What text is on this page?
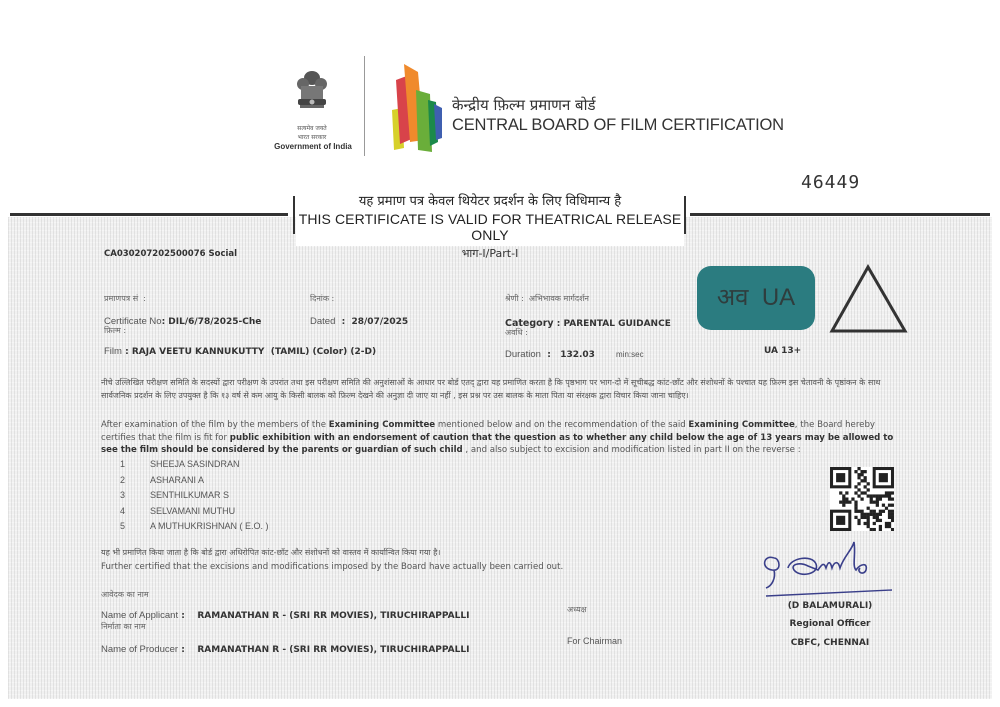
सत्यमेव जयते
भारत सरकार
Government of India
केन्द्रीय फ़िल्म प्रमाणन बोर्ड
CENTRAL BOARD OF FILM CERTIFICATION
46449
यह प्रमाण पत्र केवल थियेटर प्रदर्शन के लिए विधिमान्य है
THIS CERTIFICATE IS VALID FOR THEATRICAL RELEASE ONLY
भाग-I/Part-I
CA030207202500076 Social
प्रमाणपत्र सं  :
Certificate No: DIL/6/78/2025-Che
दिनांक :
Dated  :  28/07/2025
फ़िल्म :
Film : RAJA VEETU KANNUKUTTY  (TAMIL) (Color) (2-D)
श्रेणी :  अभिभावक मार्गदर्शन
Category : PARENTAL GUIDANCE
अवधि :
Duration  :   132.03	min:sec
अव  UA
UA 13+
नीचे उल्लिखित परीक्षण समिति के सदस्यों द्वारा परीक्षण के उपरांत तथा इस परीक्षण समिति की अनुशंसाओं के आधार पर बोर्ड एतद् द्वारा यह प्रमाणित करता है कि पृष्ठभाग पर भाग-दो में सूचीबद्ध कांट-छाँट और संशोधनों के पश्चात यह फ़िल्म इस चेतावनी के पृष्ठांकन के साथ सार्वजनिक प्रदर्शन के लिए उपयुक्त है कि १३ वर्ष से कम आयु के किसी बालक को फ़िल्म देखने की अनुज्ञा दी जाए या नहीं , इस प्रश्न पर उस बालक के माता पिता या संरक्षक द्वारा विचार किया जाना चाहिए।
After examination of the film by the members of the Examining Committee mentioned below and on the recommendation of the said Examining Committee, the Board hereby certifies that the film is fit for public exhibition with an endorsement of caution that the question as to whether any child below the age of 13 years may be allowed to see the film should be considered by the parents or guardian of such child , and also subject to excision and modification listed in part II on the reverse :
1	SHEEJA SASINDRAN
2	ASHARANI A
3	SENTHILKUMAR S
4	SELVAMANI MUTHU
5	A MUTHUKRISHNAN ( E.O. )
यह भी प्रमाणित किया जाता है कि बोर्ड द्वारा अधिरोपित कांट-छाँट और संशोधनों को वास्तव में कार्यान्वित किया गया है।
Further certified that the excisions and modifications imposed by the Board have actually been carried out.
आवेदक का नाम
Name of Applicant :    RAMANATHAN R - (SRI RR MOVIES), TIRUCHIRAPPALLI
निर्माता का नाम
Name of Producer :    RAMANATHAN R - (SRI RR MOVIES), TIRUCHIRAPPALLI
अध्यक्ष
For Chairman
(D BALAMURALI)
Regional Officer
CBFC, CHENNAI
